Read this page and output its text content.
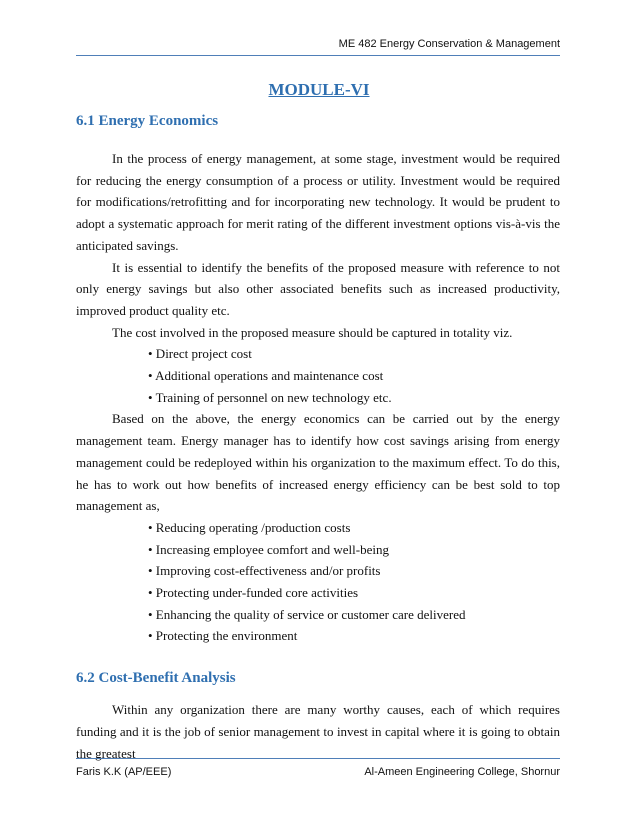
ME 482 Energy Conservation & Management
MODULE-VI
6.1 Energy Economics

In the process of energy management, at some stage, investment would be required for reducing the energy consumption of a process or utility. Investment would be required for modifications/retrofitting and for incorporating new technology. It would be prudent to adopt a systematic approach for merit rating of the different investment options vis-à-vis the anticipated savings.

It is essential to identify the benefits of the proposed measure with reference to not only energy savings but also other associated benefits such as increased productivity, improved product quality etc.

The cost involved in the proposed measure should be captured in totality viz.

• Direct project cost
• Additional operations and maintenance cost
• Training of personnel on new technology etc.

Based on the above, the energy economics can be carried out by the energy management team. Energy manager has to identify how cost savings arising from energy management could be redeployed within his organization to the maximum effect. To do this, he has to work out how benefits of increased energy efficiency can be best sold to top management as,

• Reducing operating /production costs
• Increasing employee comfort and well-being
• Improving cost-effectiveness and/or profits
• Protecting under-funded core activities
• Enhancing the quality of service or customer care delivered
• Protecting the environment
6.2 Cost-Benefit Analysis

Within any organization there are many worthy causes, each of which requires funding and it is the job of senior management to invest in capital where it is going to obtain the greatest

Faris K.K (AP/EEE)	Al-Ameen Engineering College, Shornur
